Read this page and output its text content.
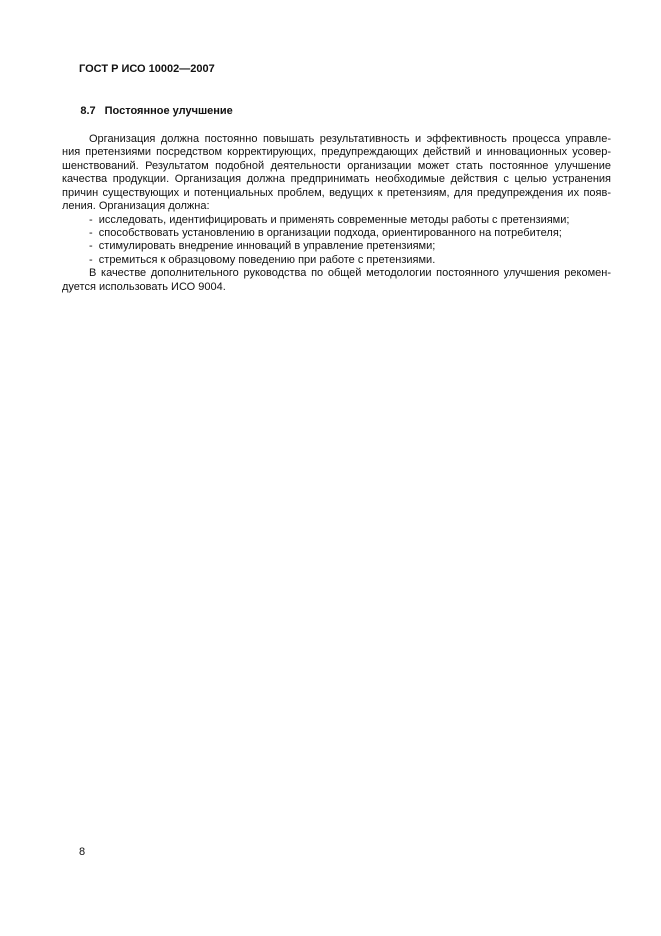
ГОСТ Р ИСО 10002—2007

8.7 Постоянное улучшение

Организация должна постоянно повышать результативность и эффективность процесса управле-
ния претензиями посредством корректирующих, предупреждающих действий и инновационных усовер-
шенствований. Результатом подобной деятельности организации может стать постоянное улучшение
качества продукции. Организация должна предпринимать необходимые действия с целью устранения
причин существующих и потенциальных проблем, ведущих к претензиям, для предупреждения их появ-
ления. Организация должна:
-  исследовать, идентифицировать и применять современные методы работы с претензиями;
-  способствовать установлению в организации подхода, ориентированного на потребителя;
-  стимулировать внедрение инноваций в управление претензиями;
-  стремиться к образцовому поведению при работе с претензиями.
В качестве дополнительного руководства по общей методологии постоянного улучшения рекомен-
дуется использовать ИСО 9004.
8
